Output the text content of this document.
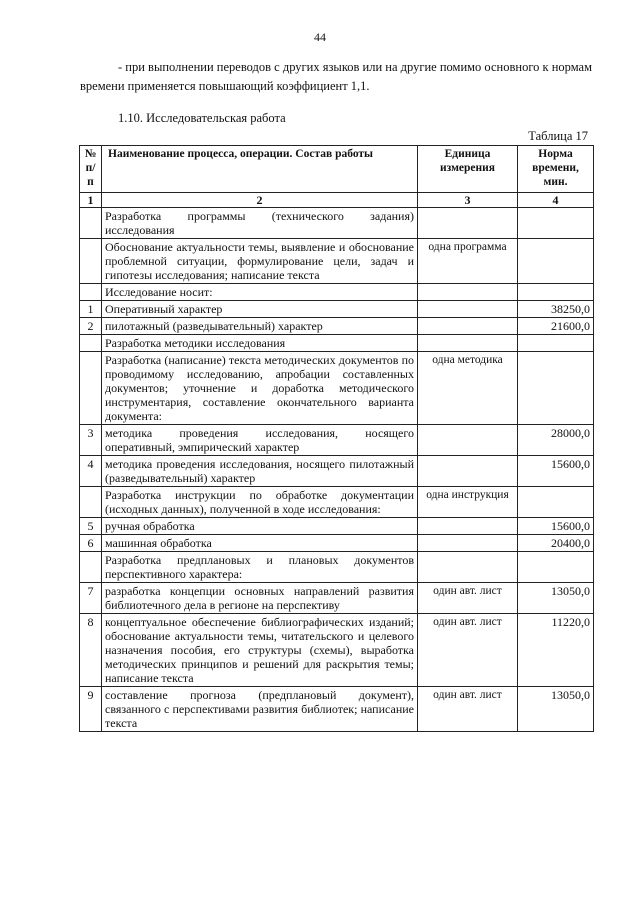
44

- при выполнении переводов с других языков или на другие помимо основного к нормам времени применяется повышающий коэффициент 1,1.

1.10. Исследовательская работа
Таблица 17
№ п/п	Наименование процесса, операции. Состав работы	Единица измерения	Норма времени, мин.
1	2	3	4
	Разработка программы (технического задания) исследования		
	Обоснование актуальности темы, выявление и обоснование проблемной ситуации, формулирование цели, задач и гипотезы исследования; написание текста	одна программа	
	Исследование носит:		
1	Оперативный характер		38250,0
2	пилотажный (разведывательный) характер		21600,0
	Разработка методики исследования		
	Разработка (написание) текста методических документов по проводимому исследованию, апробации составленных документов; уточнение и доработка методического инструментария, составление окончательного варианта документа:	одна методика	
3	методика проведения исследования, носящего оперативный, эмпирический характер		28000,0
4	методика проведения исследования, носящего пилотажный (разведывательный) характер		15600,0
	Разработка инструкции по обработке документации (исходных данных), полученной в ходе исследования:	одна инструкция	
5	ручная обработка		15600,0
6	машинная обработка		20400,0
	Разработка предплановых и плановых документов перспективного характера:		
7	разработка концепции основных направлений развития библиотечного дела в регионе на перспективу	один авт. лист	13050,0
8	концептуальное обеспечение библиографических изданий; обоснование актуальности темы, читательского и целевого назначения пособия, его структуры (схемы), выработка методических принципов и решений для раскрытия темы; написание текста	один авт. лист	11220,0
9	составление прогноза (предплановый документ), связанного с перспективами развития библиотек; написание текста	один авт. лист	13050,0
